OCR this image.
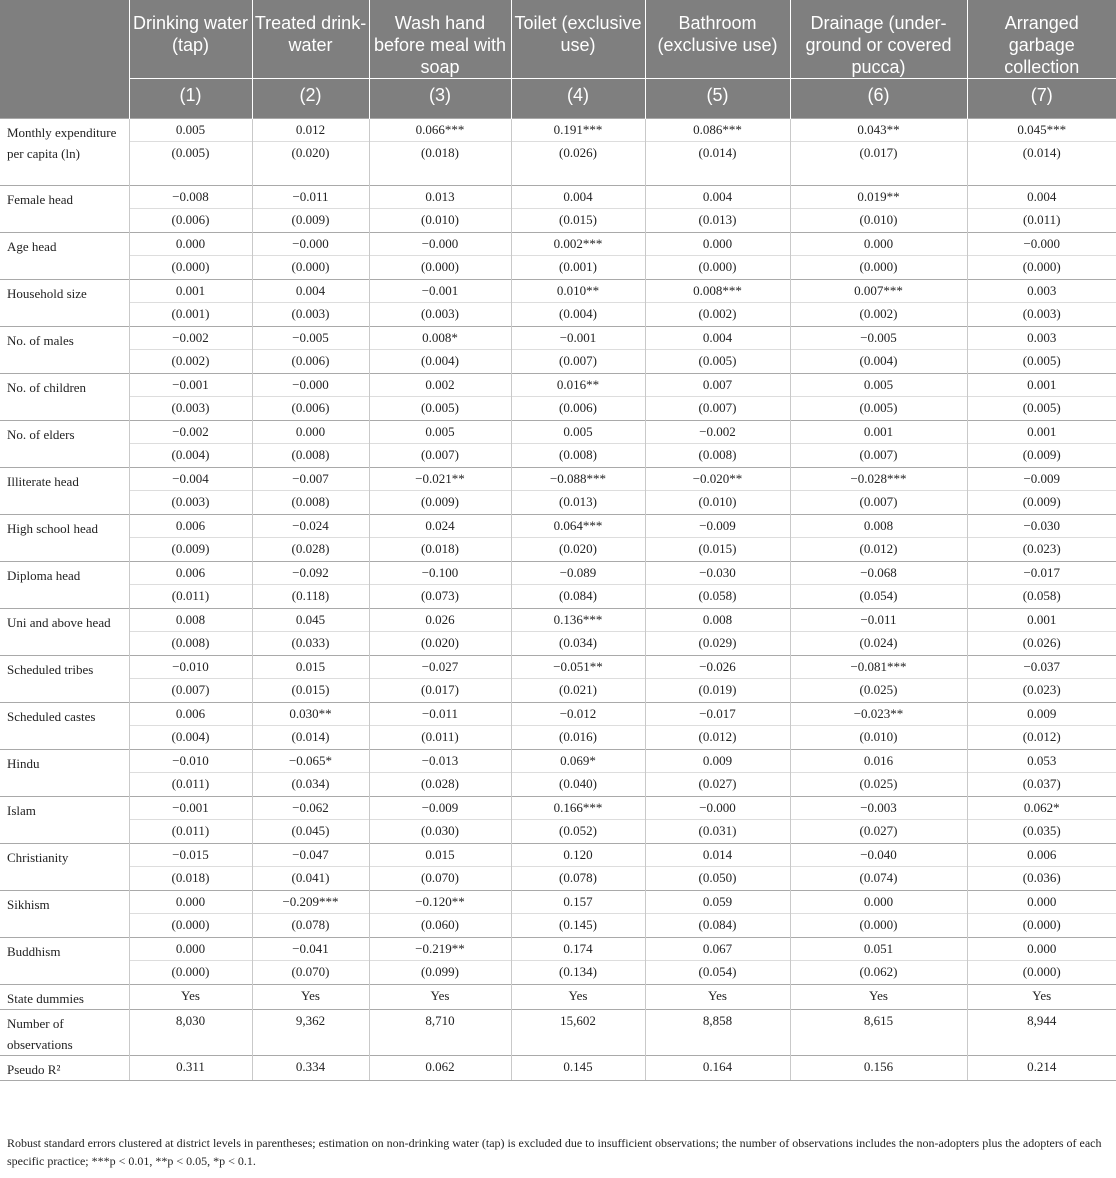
	Drinking water (tap)	Treated drink-water	Wash hand before meal with soap	Toilet (exclusive use)	Bathroom (exclusive use)	Drainage (under-ground or covered pucca)	Arranged garbage collection
	(1)	(2)	(3)	(4)	(5)	(6)	(7)
Monthly expenditure per capita (ln)	0.005	0.012	0.066***	0.191***	0.086***	0.043**	0.045***
	(0.005)	(0.020)	(0.018)	(0.026)	(0.014)	(0.017)	(0.014)
Female head	−0.008	−0.011	0.013	0.004	0.004	0.019**	0.004
	(0.006)	(0.009)	(0.010)	(0.015)	(0.013)	(0.010)	(0.011)
Age head	0.000	−0.000	−0.000	0.002***	0.000	0.000	−0.000
	(0.000)	(0.000)	(0.000)	(0.001)	(0.000)	(0.000)	(0.000)
Household size	0.001	0.004	−0.001	0.010**	0.008***	0.007***	0.003
	(0.001)	(0.003)	(0.003)	(0.004)	(0.002)	(0.002)	(0.003)
No. of males	−0.002	−0.005	0.008*	−0.001	0.004	−0.005	0.003
	(0.002)	(0.006)	(0.004)	(0.007)	(0.005)	(0.004)	(0.005)
No. of children	−0.001	−0.000	0.002	0.016**	0.007	0.005	0.001
	(0.003)	(0.006)	(0.005)	(0.006)	(0.007)	(0.005)	(0.005)
No. of elders	−0.002	0.000	0.005	0.005	−0.002	0.001	0.001
	(0.004)	(0.008)	(0.007)	(0.008)	(0.008)	(0.007)	(0.009)
Illiterate head	−0.004	−0.007	−0.021**	−0.088***	−0.020**	−0.028***	−0.009
	(0.003)	(0.008)	(0.009)	(0.013)	(0.010)	(0.007)	(0.009)
High school head	0.006	−0.024	0.024	0.064***	−0.009	0.008	−0.030
	(0.009)	(0.028)	(0.018)	(0.020)	(0.015)	(0.012)	(0.023)
Diploma head	0.006	−0.092	−0.100	−0.089	−0.030	−0.068	−0.017
	(0.011)	(0.118)	(0.073)	(0.084)	(0.058)	(0.054)	(0.058)
Uni and above head	0.008	0.045	0.026	0.136***	0.008	−0.011	0.001
	(0.008)	(0.033)	(0.020)	(0.034)	(0.029)	(0.024)	(0.026)
Scheduled tribes	−0.010	0.015	−0.027	−0.051**	−0.026	−0.081***	−0.037
	(0.007)	(0.015)	(0.017)	(0.021)	(0.019)	(0.025)	(0.023)
Scheduled castes	0.006	0.030**	−0.011	−0.012	−0.017	−0.023**	0.009
	(0.004)	(0.014)	(0.011)	(0.016)	(0.012)	(0.010)	(0.012)
Hindu	−0.010	−0.065*	−0.013	0.069*	0.009	0.016	0.053
	(0.011)	(0.034)	(0.028)	(0.040)	(0.027)	(0.025)	(0.037)
Islam	−0.001	−0.062	−0.009	0.166***	−0.000	−0.003	0.062*
	(0.011)	(0.045)	(0.030)	(0.052)	(0.031)	(0.027)	(0.035)
Christianity	−0.015	−0.047	0.015	0.120	0.014	−0.040	0.006
	(0.018)	(0.041)	(0.070)	(0.078)	(0.050)	(0.074)	(0.036)
Sikhism	0.000	−0.209***	−0.120**	0.157	0.059	0.000	0.000
	(0.000)	(0.078)	(0.060)	(0.145)	(0.084)	(0.000)	(0.000)
Buddhism	0.000	−0.041	−0.219**	0.174	0.067	0.051	0.000
	(0.000)	(0.070)	(0.099)	(0.134)	(0.054)	(0.062)	(0.000)
State dummies	Yes	Yes	Yes	Yes	Yes	Yes	Yes
Number of observations	8,030	9,362	8,710	15,602	8,858	8,615	8,944
Pseudo R²	0.311	0.334	0.062	0.145	0.164	0.156	0.214
Robust standard errors clustered at district levels in parentheses; estimation on non-drinking water (tap) is excluded due to insufficient observations; the number of observations includes the non-adopters plus the adopters of each specific practice; ***p < 0.01, **p < 0.05, *p < 0.1.
